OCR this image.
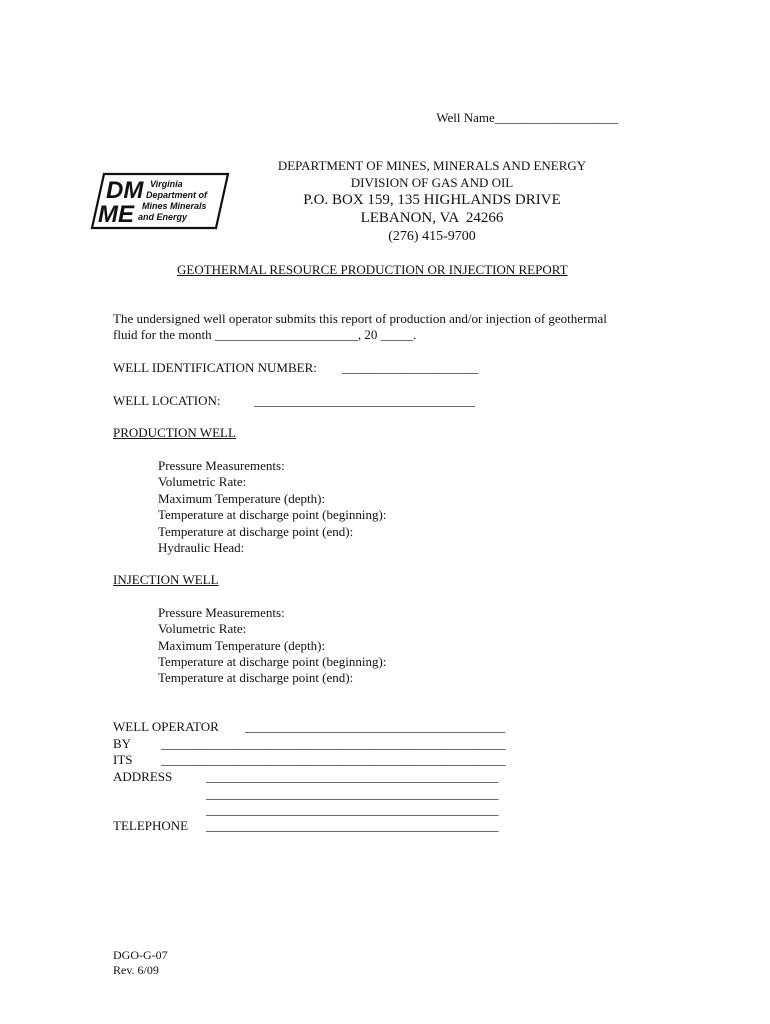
Well Name___________________

DM
ME
Virginia
Department of
Mines Minerals
and Energy
DEPARTMENT OF MINES, MINERALS AND ENERGY
DIVISION OF GAS AND OIL
P.O. BOX 159, 135 HIGHLANDS DRIVE
LEBANON, VA  24266
(276) 415-9700
GEOTHERMAL RESOURCE PRODUCTION OR INJECTION REPORT
The undersigned well operator submits this report of production and/or injection of geothermal
fluid for the month ______________________, 20 _____.
WELL IDENTIFICATION NUMBER: _____________________
WELL LOCATION:	__________________________________
PRODUCTION WELL
Pressure Measurements:
Volumetric Rate:
Maximum Temperature (depth):
Temperature at discharge point (beginning):
Temperature at discharge point (end):
Hydraulic Head:
INJECTION WELL
Pressure Measurements:
Volumetric Rate:
Maximum Temperature (depth):
Temperature at discharge point (beginning):
Temperature at discharge point (end):
WELL OPERATOR ________________________________________
BY _____________________________________________________
ITS _____________________________________________________
ADDRESS	_____________________________________________
_____________________________________________
_____________________________________________
TELEPHONE _____________________________________________
DGO-G-07
Rev. 6/09
